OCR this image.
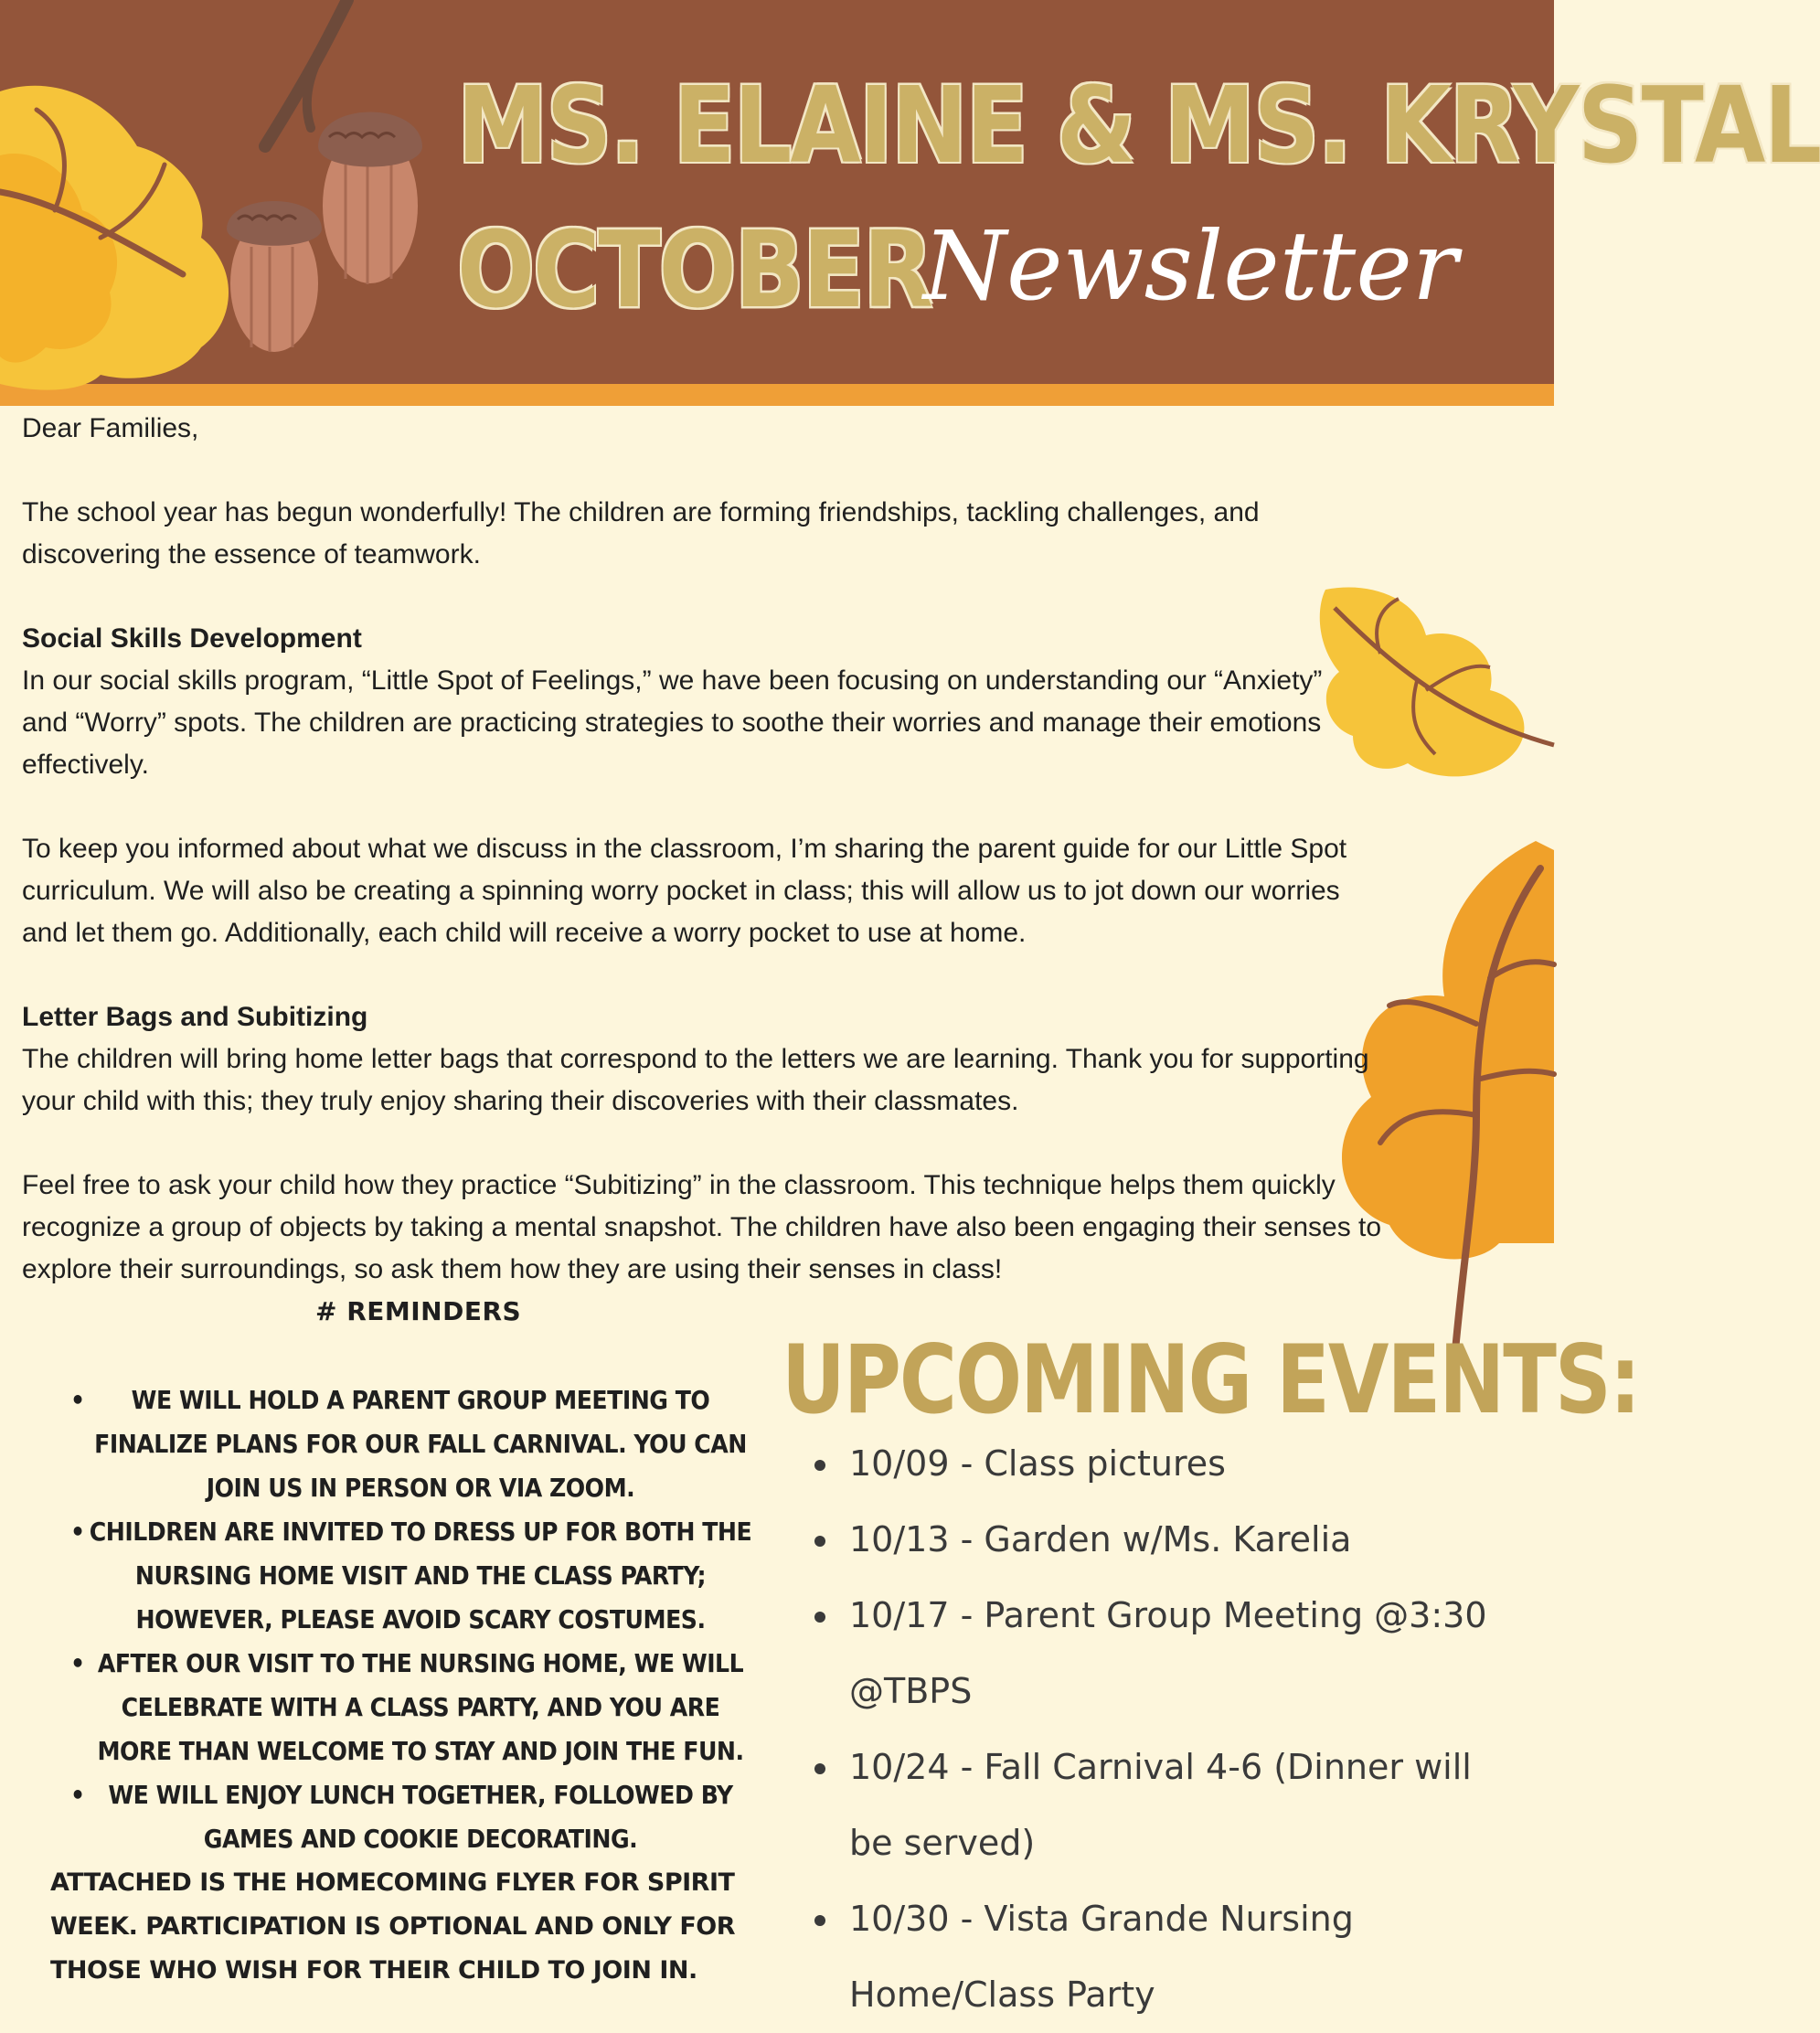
MS. ELAINE & MS. KRYSTAL
OCTOBER
Newsletter

Dear Families,

The school year has begun wonderfully! The children are forming friendships, tackling challenges, and discovering the essence of teamwork.

Social Skills Development

In our social skills program, “Little Spot of Feelings,” we have been focusing on understanding our “Anxiety” and “Worry” spots. The children are practicing strategies to soothe their worries and manage their emotions effectively.

To keep you informed about what we discuss in the classroom, I’m sharing the parent guide for our Little Spot curriculum. We will also be creating a spinning worry pocket in class; this will allow us to jot down our worries and let them go. Additionally, each child will receive a worry pocket to use at home.

Letter Bags and Subitizing

The children will bring home letter bags that correspond to the letters we are learning. Thank you for supporting your child with this; they truly enjoy sharing their discoveries with their classmates.

Feel free to ask your child how they practice “Subitizing” in the classroom. This technique helps them quickly recognize a group of objects by taking a mental snapshot. The children have also been engaging their senses to explore their surroundings, so ask them how they are using their senses in class!

# REMINDERS
• WE WILL HOLD A PARENT GROUP MEETING TO FINALIZE PLANS FOR OUR FALL CARNIVAL. YOU CAN JOIN US IN PERSON OR VIA ZOOM.
• CHILDREN ARE INVITED TO DRESS UP FOR BOTH THE NURSING HOME VISIT AND THE CLASS PARTY; HOWEVER, PLEASE AVOID SCARY COSTUMES.
• AFTER OUR VISIT TO THE NURSING HOME, WE WILL CELEBRATE WITH A CLASS PARTY, AND YOU ARE MORE THAN WELCOME TO STAY AND JOIN THE FUN.
• WE WILL ENJOY LUNCH TOGETHER, FOLLOWED BY GAMES AND COOKIE DECORATING.
ATTACHED IS THE HOMECOMING FLYER FOR SPIRIT WEEK. PARTICIPATION IS OPTIONAL AND ONLY FOR THOSE WHO WISH FOR THEIR CHILD TO JOIN IN.
UPCOMING EVENTS:
• 10/09 - Class pictures
• 10/13 - Garden w/Ms. Karelia
• 10/17 - Parent Group Meeting @3:30 @TBPS
• 10/24 - Fall Carnival 4-6 (Dinner will be served)
• 10/30 - Vista Grande Nursing Home/Class Party
